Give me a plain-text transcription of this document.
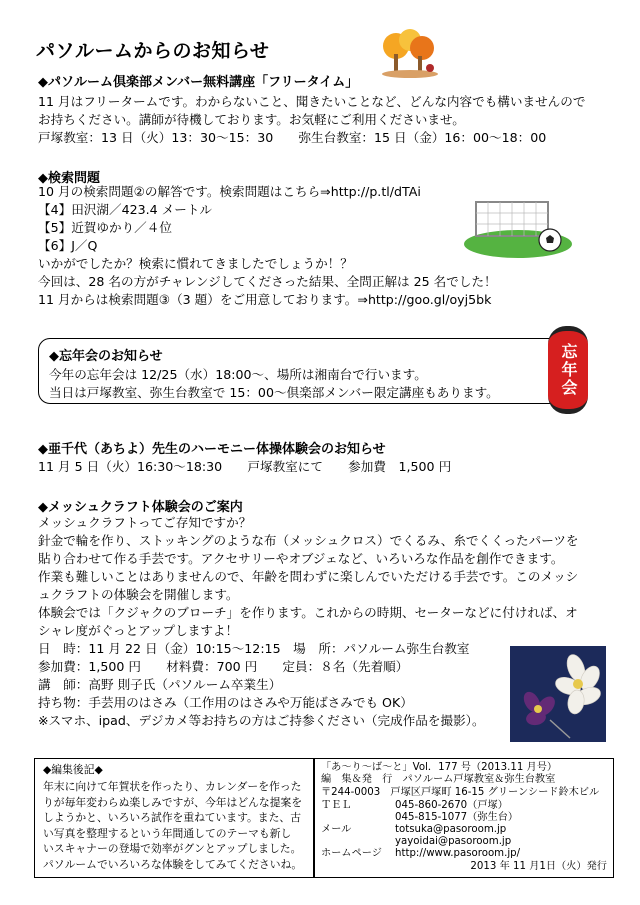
パソルームからのお知らせ
◆パソルーム倶楽部メンバー無料講座「フリータイム」
11 月はフリータームです。わからないこと、聞きたいことなど、どんな内容でも構いませんので
お持ちください。講師が待機しております。お気軽にご利用くださいませ。
戸塚教室：13 日（火）13：30～15：30　　弥生台教室：15 日（金）16：00～18：00
◆検索問題
10 月の検索問題②の解答です。検索問題はこちら⇒http://p.tl/dTAi
【4】田沢湖／423.4 メートル
【5】近賀ゆかり／４位
【6】J／Q
いかがでしたか？検索に慣れてきましたでしょうか！？
今回は、28 名の方がチャレンジしてくださった結果、全問正解は 25 名でした！
11 月からは検索問題③（3 題）をご用意しております。⇒http://goo.gl/oyj5bk
◆忘年会のお知らせ
今年の忘年会は 12/25（水）18:00～、場所は湘南台で行います。
当日は戸塚教室、弥生台教室で 15：00～倶楽部メンバー限定講座もあります。	忘年会
◆亜千代（あちよ）先生のハーモニー体操体験会のお知らせ
11 月 5 日（火）16:30～18:30　　戸塚教室にて　　参加費　1,500 円
◆メッシュクラフト体験会のご案内
メッシュクラフトってご存知ですか？
針金で輪を作り、ストッキングのような布（メッシュクロス）でくるみ、糸でくくったパーツを
貼り合わせて作る手芸です。アクセサリーやオブジェなど、いろいろな作品を創作できます。
作業も難しいことはありませんので、年齢を問わずに楽しんでいただける手芸です。このメッシ
ュクラフトの体験会を開催します。
体験会では「クジャクのブローチ」を作ります。これからの時期、セーターなどに付ければ、オ
シャレ度がぐっとアップしますよ！
日　時：11 月 22 日（金）10:15～12:15　場　所：パソルーム弥生台教室
参加費：1,500 円　　材料費：700 円　　定員：８名（先着順）
講　師：高野 則子氏（パソルーム卒業生）
持ち物：手芸用のはさみ（工作用のはさみや万能ばさみでも OK）
※スマホ、ipad、デジカメ等お持ちの方はご持参ください（完成作品を撮影）。
◆編集後記◆
年末に向けて年賀状を作ったり、カレンダーを作った
りが毎年変わらぬ楽しみですが、今年はどんな提案を
しようかと、いろいろ試作を重ねています。また、古
い写真を整理するという年間通してのテーマも新し
いスキャナーの登場で効率がグンとアップしました。
パソルームでいろいろな体験をしてみてくださいね。
「あ～り～ば～と」Vol．177 号（2013.11 月号）
編　集＆発　行　パソルーム戸塚教室＆弥生台教室
〒244-0003　戸塚区戸塚町 16-15 グリーンシード鈴木ビル
ＴＥＬ	045-860-2670（戸塚）
045-815-1077（弥生台）
メール	totsuka@pasoroom.jp
yayoidai@pasoroom.jp
ホームページ http://www.pasoroom.jp/
2013 年 11 月1日（火）発行
